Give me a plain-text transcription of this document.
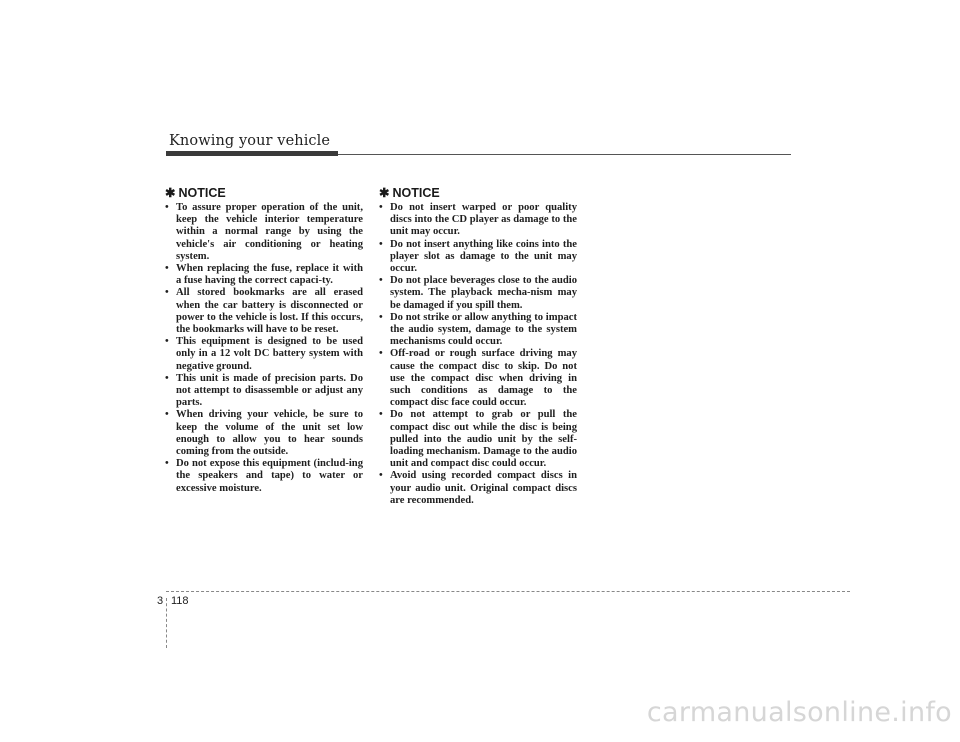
Knowing your vehicle
✱ NOTICE
• To assure proper operation of the unit, keep the vehicle interior temperature within a normal range by using the vehicle's air conditioning or heating system.
• When replacing the fuse, replace it with a fuse having the correct capaci-ty.
• All stored bookmarks are all erased when the car battery is disconnected or power to the vehicle is lost. If this occurs, the bookmarks will have to be reset.
• This equipment is designed to be used only in a 12 volt DC battery system with negative ground.
• This unit is made of precision parts. Do not attempt to disassemble or adjust any parts.
• When driving your vehicle, be sure to keep the volume of the unit set low enough to allow you to hear sounds coming from the outside.
• Do not expose this equipment (includ-ing the speakers and tape) to water or excessive moisture.
✱ NOTICE
• Do not insert warped or poor quality discs into the CD player as damage to the unit may occur.
• Do not insert anything like coins into the player slot as damage to the unit may occur.
• Do not place beverages close to the audio system. The playback mecha-nism may be damaged if you spill them.
• Do not strike or allow anything to impact the audio system, damage to the system mechanisms could occur.
• Off-road or rough surface driving may cause the compact disc to skip. Do not use the compact disc when driving in such conditions as damage to the compact disc face could occur.
• Do not attempt to grab or pull the compact disc out while the disc is being pulled into the audio unit by the self-loading mechanism. Damage to the audio unit and compact disc could occur.
• Avoid using recorded compact discs in your audio unit. Original compact discs are recommended.
3 118
carmanualsonline.info
